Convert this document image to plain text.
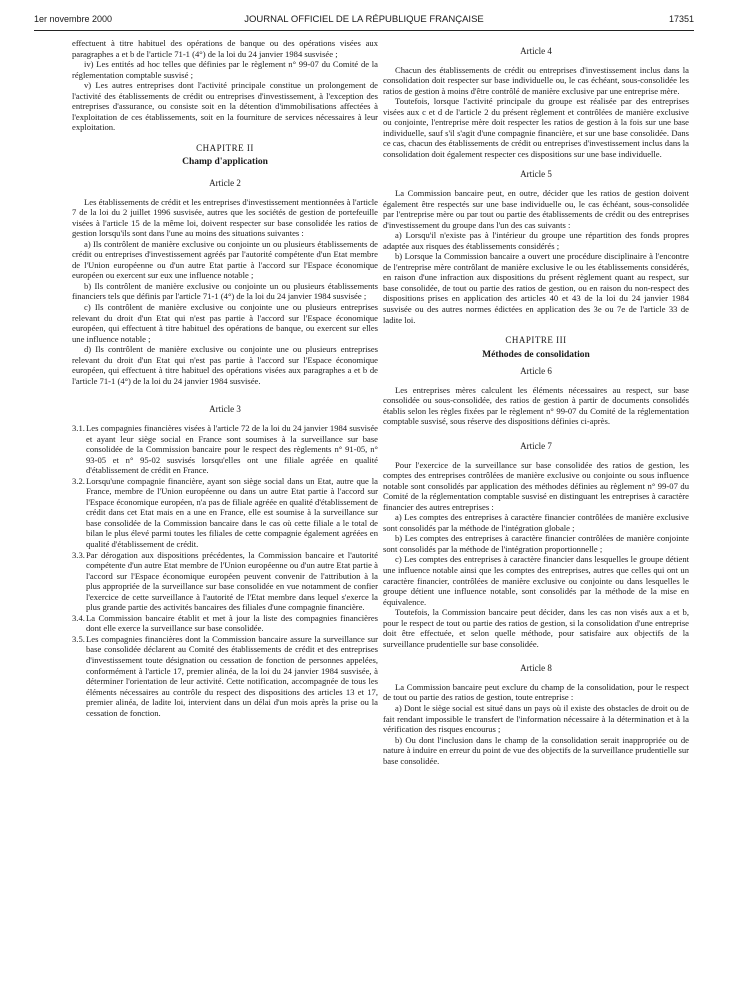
1er novembre 2000	JOURNAL OFFICIEL DE LA RÉPUBLIQUE FRANÇAISE	17351

effectuent à titre habituel des opérations de banque ou des opérations visées aux paragraphes a et b de l'article 71-1 (4°) de la loi du 24 janvier 1984 susvisée ;

iv) Les entités ad hoc telles que définies par le règlement n° 99-07 du Comité de la réglementation comptable susvisé ;

v) Les autres entreprises dont l'activité principale constitue un prolongement de l'activité des établissements de crédit ou entreprises d'investissement, à l'exception des entreprises d'assurance, ou consiste soit en la détention d'immobilisations affectées à l'exploitation de ces établissements, soit en la fourniture de services nécessaires à leur exploitation.

CHAPITRE II
Champ d'application
Article 2

Les établissements de crédit et les entreprises d'investissement mentionnées à l'article 7 de la loi du 2 juillet 1996 susvisée, autres que les sociétés de gestion de portefeuille visées à l'article 15 de la même loi, doivent respecter sur base consolidée les ratios de gestion lorsqu'ils sont dans l'une au moins des situations suivantes :

a) Ils contrôlent de manière exclusive ou conjointe un ou plusieurs établissements de crédit ou entreprises d'investissement agréés par l'autorité compétente d'un Etat membre de l'Union européenne ou d'un autre Etat partie à l'accord sur l'Espace économique européen ou exercent sur eux une influence notable ;

b) Ils contrôlent de manière exclusive ou conjointe un ou plusieurs établissements financiers tels que définis par l'article 71-1 (4°) de la loi du 24 janvier 1984 susvisée ;

c) Ils contrôlent de manière exclusive ou conjointe une ou plusieurs entreprises relevant du droit d'un Etat qui n'est pas partie à l'accord sur l'Espace économique européen, qui effectuent à titre habituel des opérations de banque, ou exercent sur elles une influence notable ;

d) Ils contrôlent de manière exclusive ou conjointe une ou plusieurs entreprises relevant du droit d'un Etat qui n'est pas partie à l'accord sur l'Espace économique européen, qui effectuent à titre habituel des opérations visées aux paragraphes a et b de l'article 71-1 (4°) de la loi du 24 janvier 1984 susvisée.

Article 3
3.1. Les compagnies financières visées à l'article 72 de la loi du 24 janvier 1984 susvisée et ayant leur siège social en France sont soumises à la surveillance sur base consolidée de la Commission bancaire pour le respect des règlements n° 91-05, n° 93-05 et n° 95-02 susvisés lorsqu'elles ont une filiale agréée en qualité d'établissement de crédit en France.
3.2. Lorsqu'une compagnie financière, ayant son siège social dans un Etat, autre que la France, membre de l'Union européenne ou dans un autre Etat partie à l'accord sur l'Espace économique européen, n'a pas de filiale agréée en qualité d'établissement de crédit dans cet Etat mais en a une en France, elle est soumise à la surveillance sur base consolidée de la Commission bancaire dans le cas où cette filiale a le total de bilan le plus élevé parmi toutes les filiales de cette compagnie également agréées en qualité d'établissement de crédit.
3.3. Par dérogation aux dispositions précédentes, la Commission bancaire et l'autorité compétente d'un autre Etat membre de l'Union européenne ou d'un autre Etat partie à l'accord sur l'Espace économique européen peuvent convenir de l'attribution à la plus appropriée de la surveillance sur base consolidée en vue notamment de confier l'exercice de cette surveillance à l'autorité de l'Etat membre dans lequel s'exerce la plus grande partie des activités bancaires des filiales d'une compagnie financière.
3.4. La Commission bancaire établit et met à jour la liste des compagnies financières dont elle exerce la surveillance sur base consolidée.
3.5. Les compagnies financières dont la Commission bancaire assure la surveillance sur base consolidée déclarent au Comité des établissements de crédit et des entreprises d'investissement toute désignation ou cessation de fonction de personnes appelées, conformément à l'article 17, premier alinéa, de la loi du 24 janvier 1984 susvisée, à déterminer l'orientation de leur activité. Cette notification, accompagnée de tous les éléments nécessaires au contrôle du respect des dispositions des articles 13 et 17, premier alinéa, de ladite loi, intervient dans un délai d'un mois après la prise ou la cessation de fonction.
Article 4

Chacun des établissements de crédit ou entreprises d'investissement inclus dans la consolidation doit respecter sur base individuelle ou, le cas échéant, sous-consolidée les ratios de gestion à moins d'être contrôlé de manière exclusive par une entreprise mère.

Toutefois, lorsque l'activité principale du groupe est réalisée par des entreprises visées aux c et d de l'article 2 du présent règlement et contrôlées de manière exclusive ou conjointe, l'entreprise mère doit respecter les ratios de gestion à la fois sur une base individuelle, sauf s'il s'agit d'une compagnie financière, et sur une base consolidée. Dans ce cas, chacun des établissements de crédit ou entreprises d'investissement inclus dans la consolidation doit également respecter ces dispositions sur une base individuelle.

Article 5

La Commission bancaire peut, en outre, décider que les ratios de gestion doivent également être respectés sur une base individuelle ou, le cas échéant, sous-consolidée par l'entreprise mère ou par tout ou partie des établissements de crédit ou des entreprises d'investissement du groupe dans l'un des cas suivants :

a) Lorsqu'il n'existe pas à l'intérieur du groupe une répartition des fonds propres adaptée aux risques des établissements considérés ;

b) Lorsque la Commission bancaire a ouvert une procédure disciplinaire à l'encontre de l'entreprise mère contrôlant de manière exclusive le ou les établissements considérés, en raison d'une infraction aux dispositions du présent règlement quant au respect, sur base consolidée, de tout ou partie des ratios de gestion, ou en raison du non-respect des dispositions prises en application des articles 40 et 43 de la loi du 24 janvier 1984 susvisée ou des autres normes édictées en application des 3e ou 7e de l'article 33 de ladite loi.

CHAPITRE III
Méthodes de consolidation
Article 6

Les entreprises mères calculent les éléments nécessaires au respect, sur base consolidée ou sous-consolidée, des ratios de gestion à partir de documents consolidés établis selon les règles fixées par le règlement n° 99-07 du Comité de la réglementation comptable susvisé, sous réserve des dispositions définies ci-après.

Article 7

Pour l'exercice de la surveillance sur base consolidée des ratios de gestion, les comptes des entreprises contrôlées de manière exclusive ou conjointe ou sous influence notable sont consolidés par application des méthodes définies au règlement n° 99-07 du Comité de la réglementation comptable susvisé en distinguant les entreprises à caractère financier des autres entreprises :

a) Les comptes des entreprises à caractère financier contrôlées de manière exclusive sont consolidés par la méthode de l'intégration globale ;

b) Les comptes des entreprises à caractère financier contrôlées de manière conjointe sont consolidés par la méthode de l'intégration proportionnelle ;

c) Les comptes des entreprises à caractère financier dans lesquelles le groupe détient une influence notable ainsi que les comptes des entreprises, autres que celles qui ont un caractère financier, contrôlées de manière exclusive ou conjointe ou dans lesquelles le groupe détient une influence notable, sont consolidés par la méthode de la mise en équivalence.

Toutefois, la Commission bancaire peut décider, dans les cas non visés aux a et b, pour le respect de tout ou partie des ratios de gestion, si la consolidation d'une entreprise doit être effectuée, et selon quelle méthode, pour satisfaire aux objectifs de la surveillance prudentielle sur base consolidée.

Article 8

La Commission bancaire peut exclure du champ de la consolidation, pour le respect de tout ou partie des ratios de gestion, toute entreprise :

a) Dont le siège social est situé dans un pays où il existe des obstacles de droit ou de fait rendant impossible le transfert de l'information nécessaire à la détermination et à la vérification des risques encourus ;

b) Ou dont l'inclusion dans le champ de la consolidation serait inappropriée ou de nature à induire en erreur du point de vue des objectifs de la surveillance prudentielle sur base consolidée.
